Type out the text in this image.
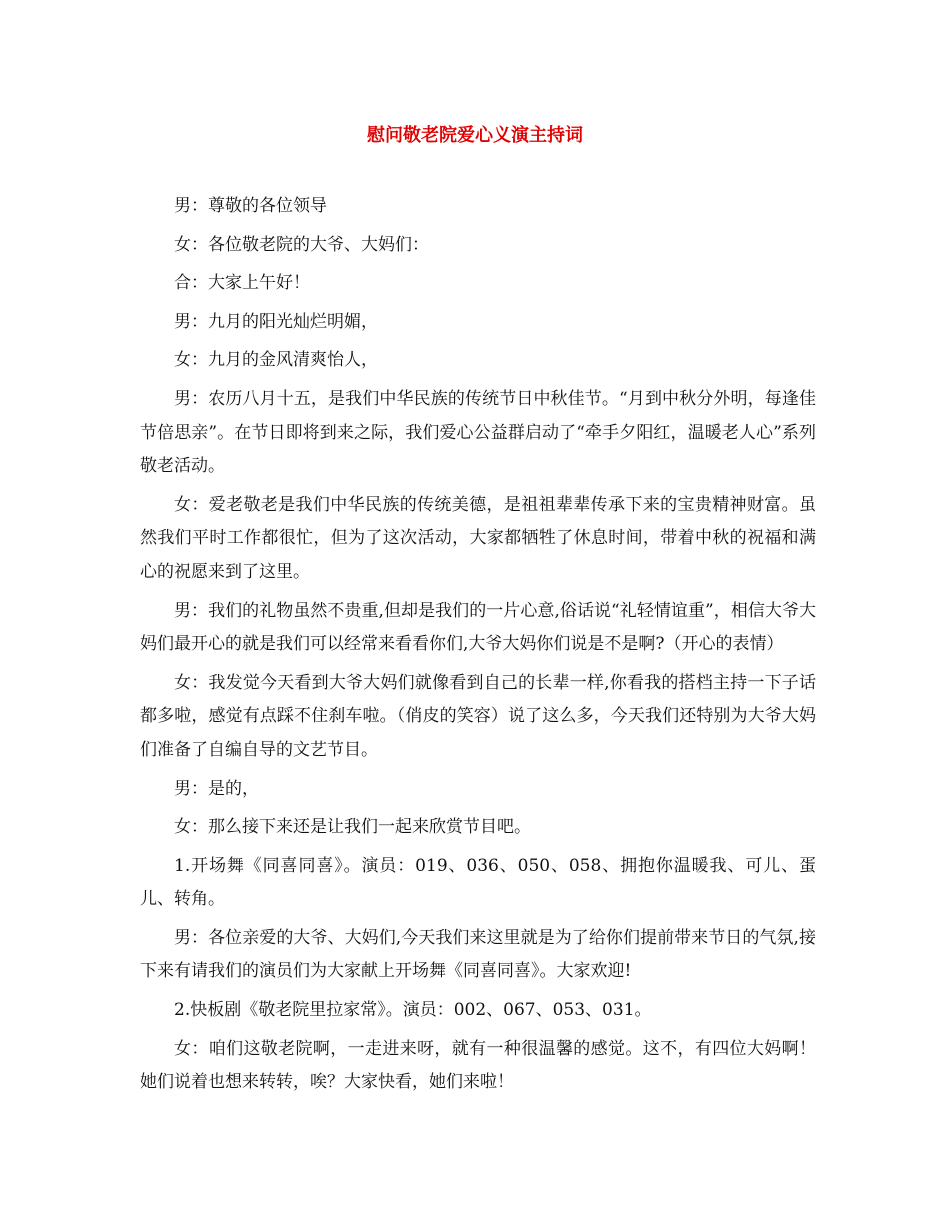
慰问敬老院爱心义演主持词

男：尊敬的各位领导

女：各位敬老院的大爷、大妈们：

合：大家上午好！

男：九月的阳光灿烂明媚，

女：九月的金风清爽怡人，

男：农历八月十五，是我们中华民族的传统节日中秋佳节。“月到中秋分外明，每逢佳节倍思亲”。在节日即将到来之际，我们爱心公益群启动了“牵手夕阳红，温暖老人心”系列敬老活动。

女：爱老敬老是我们中华民族的传统美德，是祖祖辈辈传承下来的宝贵精神财富。虽然我们平时工作都很忙，但为了这次活动，大家都牺牲了休息时间，带着中秋的祝福和满心的祝愿来到了这里。

男：我们的礼物虽然不贵重,但却是我们的一片心意,俗话说“礼轻情谊重”，相信大爷大妈们最开心的就是我们可以经常来看看你们,大爷大妈你们说是不是啊?（开心的表情）

女：我发觉今天看到大爷大妈们就像看到自己的长辈一样,你看我的搭档主持一下子话都多啦，感觉有点踩不住刹车啦。（俏皮的笑容）说了这么多，今天我们还特别为大爷大妈们准备了自编自导的文艺节目。

男：是的，

女：那么接下来还是让我们一起来欣赏节目吧。

1.开场舞《同喜同喜》。演员：019、036、050、058、拥抱你温暖我、可儿、蛋儿、转角。

男：各位亲爱的大爷、大妈们,今天我们来这里就是为了给你们提前带来节日的气氛,接下来有请我们的演员们为大家献上开场舞《同喜同喜》。大家欢迎!

2.快板剧《敬老院里拉家常》。演员：002、067、053、031。

女：咱们这敬老院啊，一走进来呀，就有一种很温馨的感觉。这不，有四位大妈啊！她们说着也想来转转，唉？大家快看，她们来啦！
